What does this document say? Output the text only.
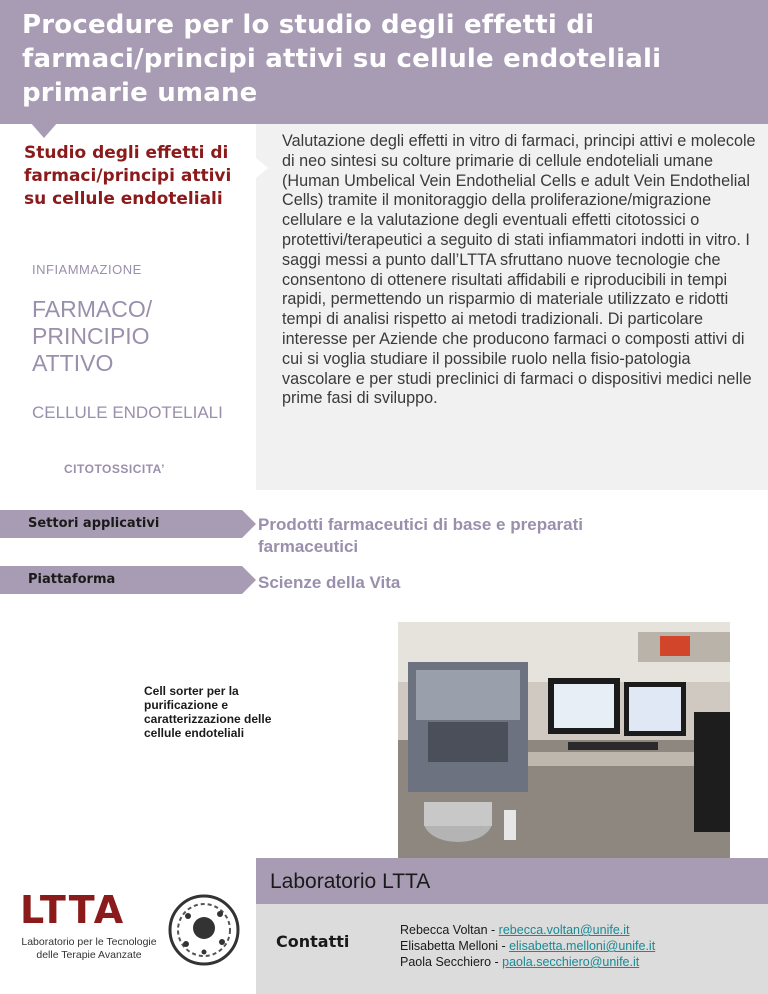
Procedure per lo studio degli effetti di farmaci/principi attivi su cellule endoteliali primarie umane
Studio degli effetti di farmaci/principi attivi su cellule endoteliali
INFIAMMAZIONE
FARMACO/ PRINCIPIO ATTIVO
CELLULE ENDOTELIALI
CITOTOSSICITA’
Valutazione degli effetti in vitro di farmaci, principi attivi e molecole di neo sintesi su colture primarie di cellule endoteliali umane (Human Umbelical Vein Endothelial Cells e adult Vein Endothelial Cells) tramite il monitoraggio della proliferazione/migrazione cellulare e la valutazione degli eventuali effetti citotossici o protettivi/terapeutici a seguito di stati infiammatori indotti in vitro. I saggi messi a punto dall’LTTA sfruttano nuove tecnologie che consentono di ottenere risultati affidabili e riproducibili in tempi rapidi, permettendo un risparmio di materiale utilizzato e ridotti tempi di analisi rispetto ai metodi tradizionali. Di particolare interesse per Aziende che producono farmaci o composti attivi di cui si voglia studiare il possibile ruolo nella fisio-patologia vascolare e per studi preclinici di farmaci o dispositivi medici nelle prime fasi di sviluppo.
Settori applicativi	Prodotti farmaceutici di base e preparati farmaceutici
Piattaforma	Scienze della Vita
Cell sorter per la purificazione e caratterizzazione delle cellule endoteliali
Laboratorio LTTA
Contatti
Rebecca Voltan - rebecca.voltan@unife.it
Elisabetta Melloni - elisabetta.melloni@unife.it
Paola Secchiero - paola.secchiero@unife.it
LTTA
Laboratorio per le Tecnologie delle Terapie Avanzate
